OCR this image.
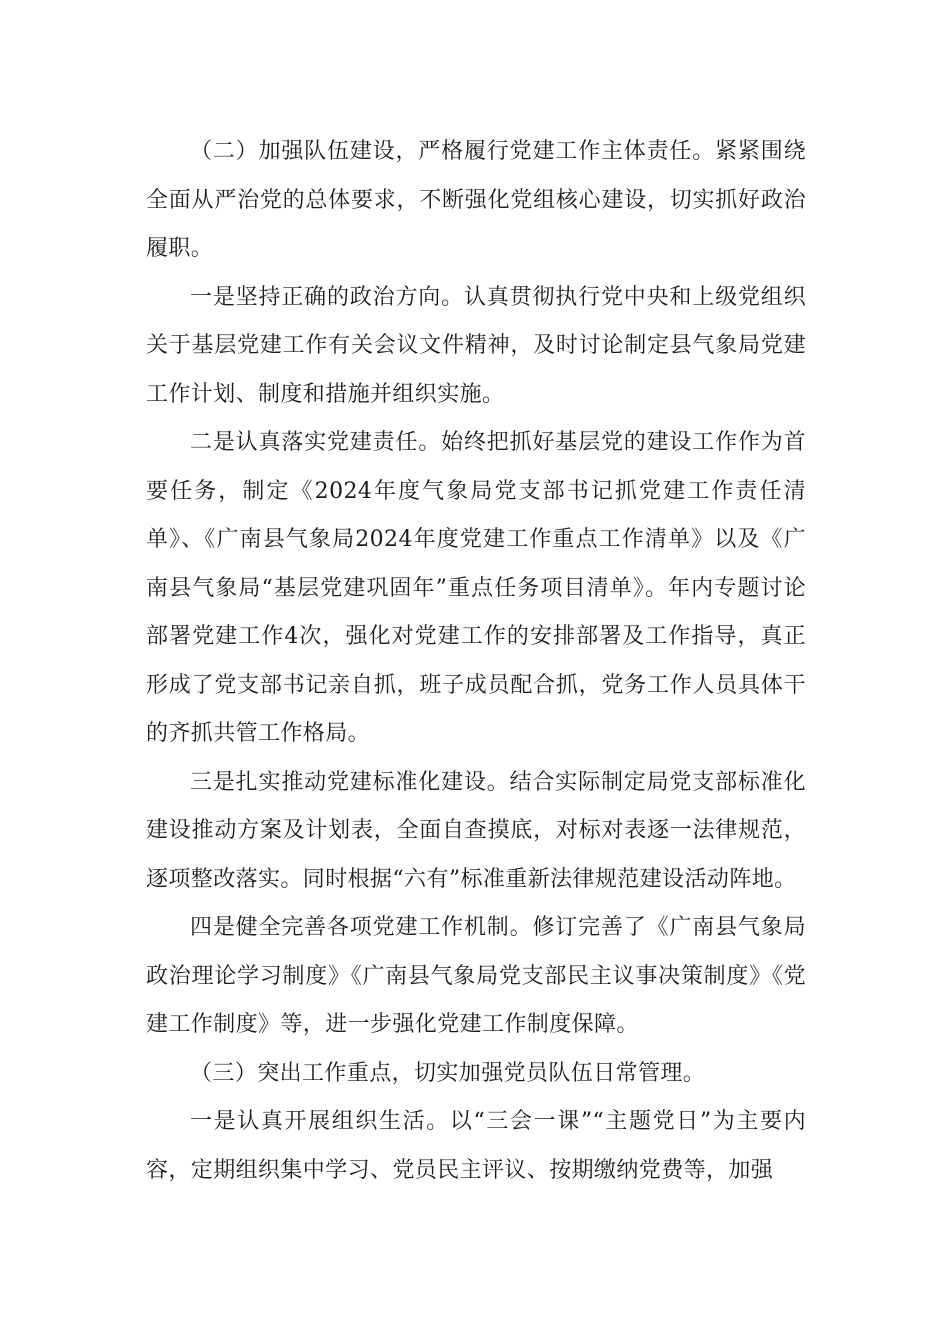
（二）加强队伍建设，严格履行党建工作主体责任。紧紧围绕全面从严治党的总体要求，不断强化党组核心建设，切实抓好政治履职。

一是坚持正确的政治方向。认真贯彻执行党中央和上级党组织关于基层党建工作有关会议文件精神，及时讨论制定县气象局党建工作计划、制度和措施并组织实施。

二是认真落实党建责任。始终把抓好基层党的建设工作作为首要任务，制定《2024年度气象局党支部书记抓党建工作责任清单》、《广南县气象局2024年度党建工作重点工作清单》以及《广南县气象局“基层党建巩固年”重点任务项目清单》。年内专题讨论部署党建工作4次，强化对党建工作的安排部署及工作指导，真正形成了党支部书记亲自抓，班子成员配合抓，党务工作人员具体干的齐抓共管工作格局。

三是扎实推动党建标准化建设。结合实际制定局党支部标准化建设推动方案及计划表，全面自查摸底，对标对表逐一法律规范，逐项整改落实。同时根据“六有”标准重新法律规范建设活动阵地。

四是健全完善各项党建工作机制。修订完善了《广南县气象局政治理论学习制度》《广南县气象局党支部民主议事决策制度》《党建工作制度》等，进一步强化党建工作制度保障。

（三）突出工作重点，切实加强党员队伍日常管理。

一是认真开展组织生活。以“三会一课”“主题党日”为主要内容，定期组织集中学习、党员民主评议、按期缴纳党费等，加强
